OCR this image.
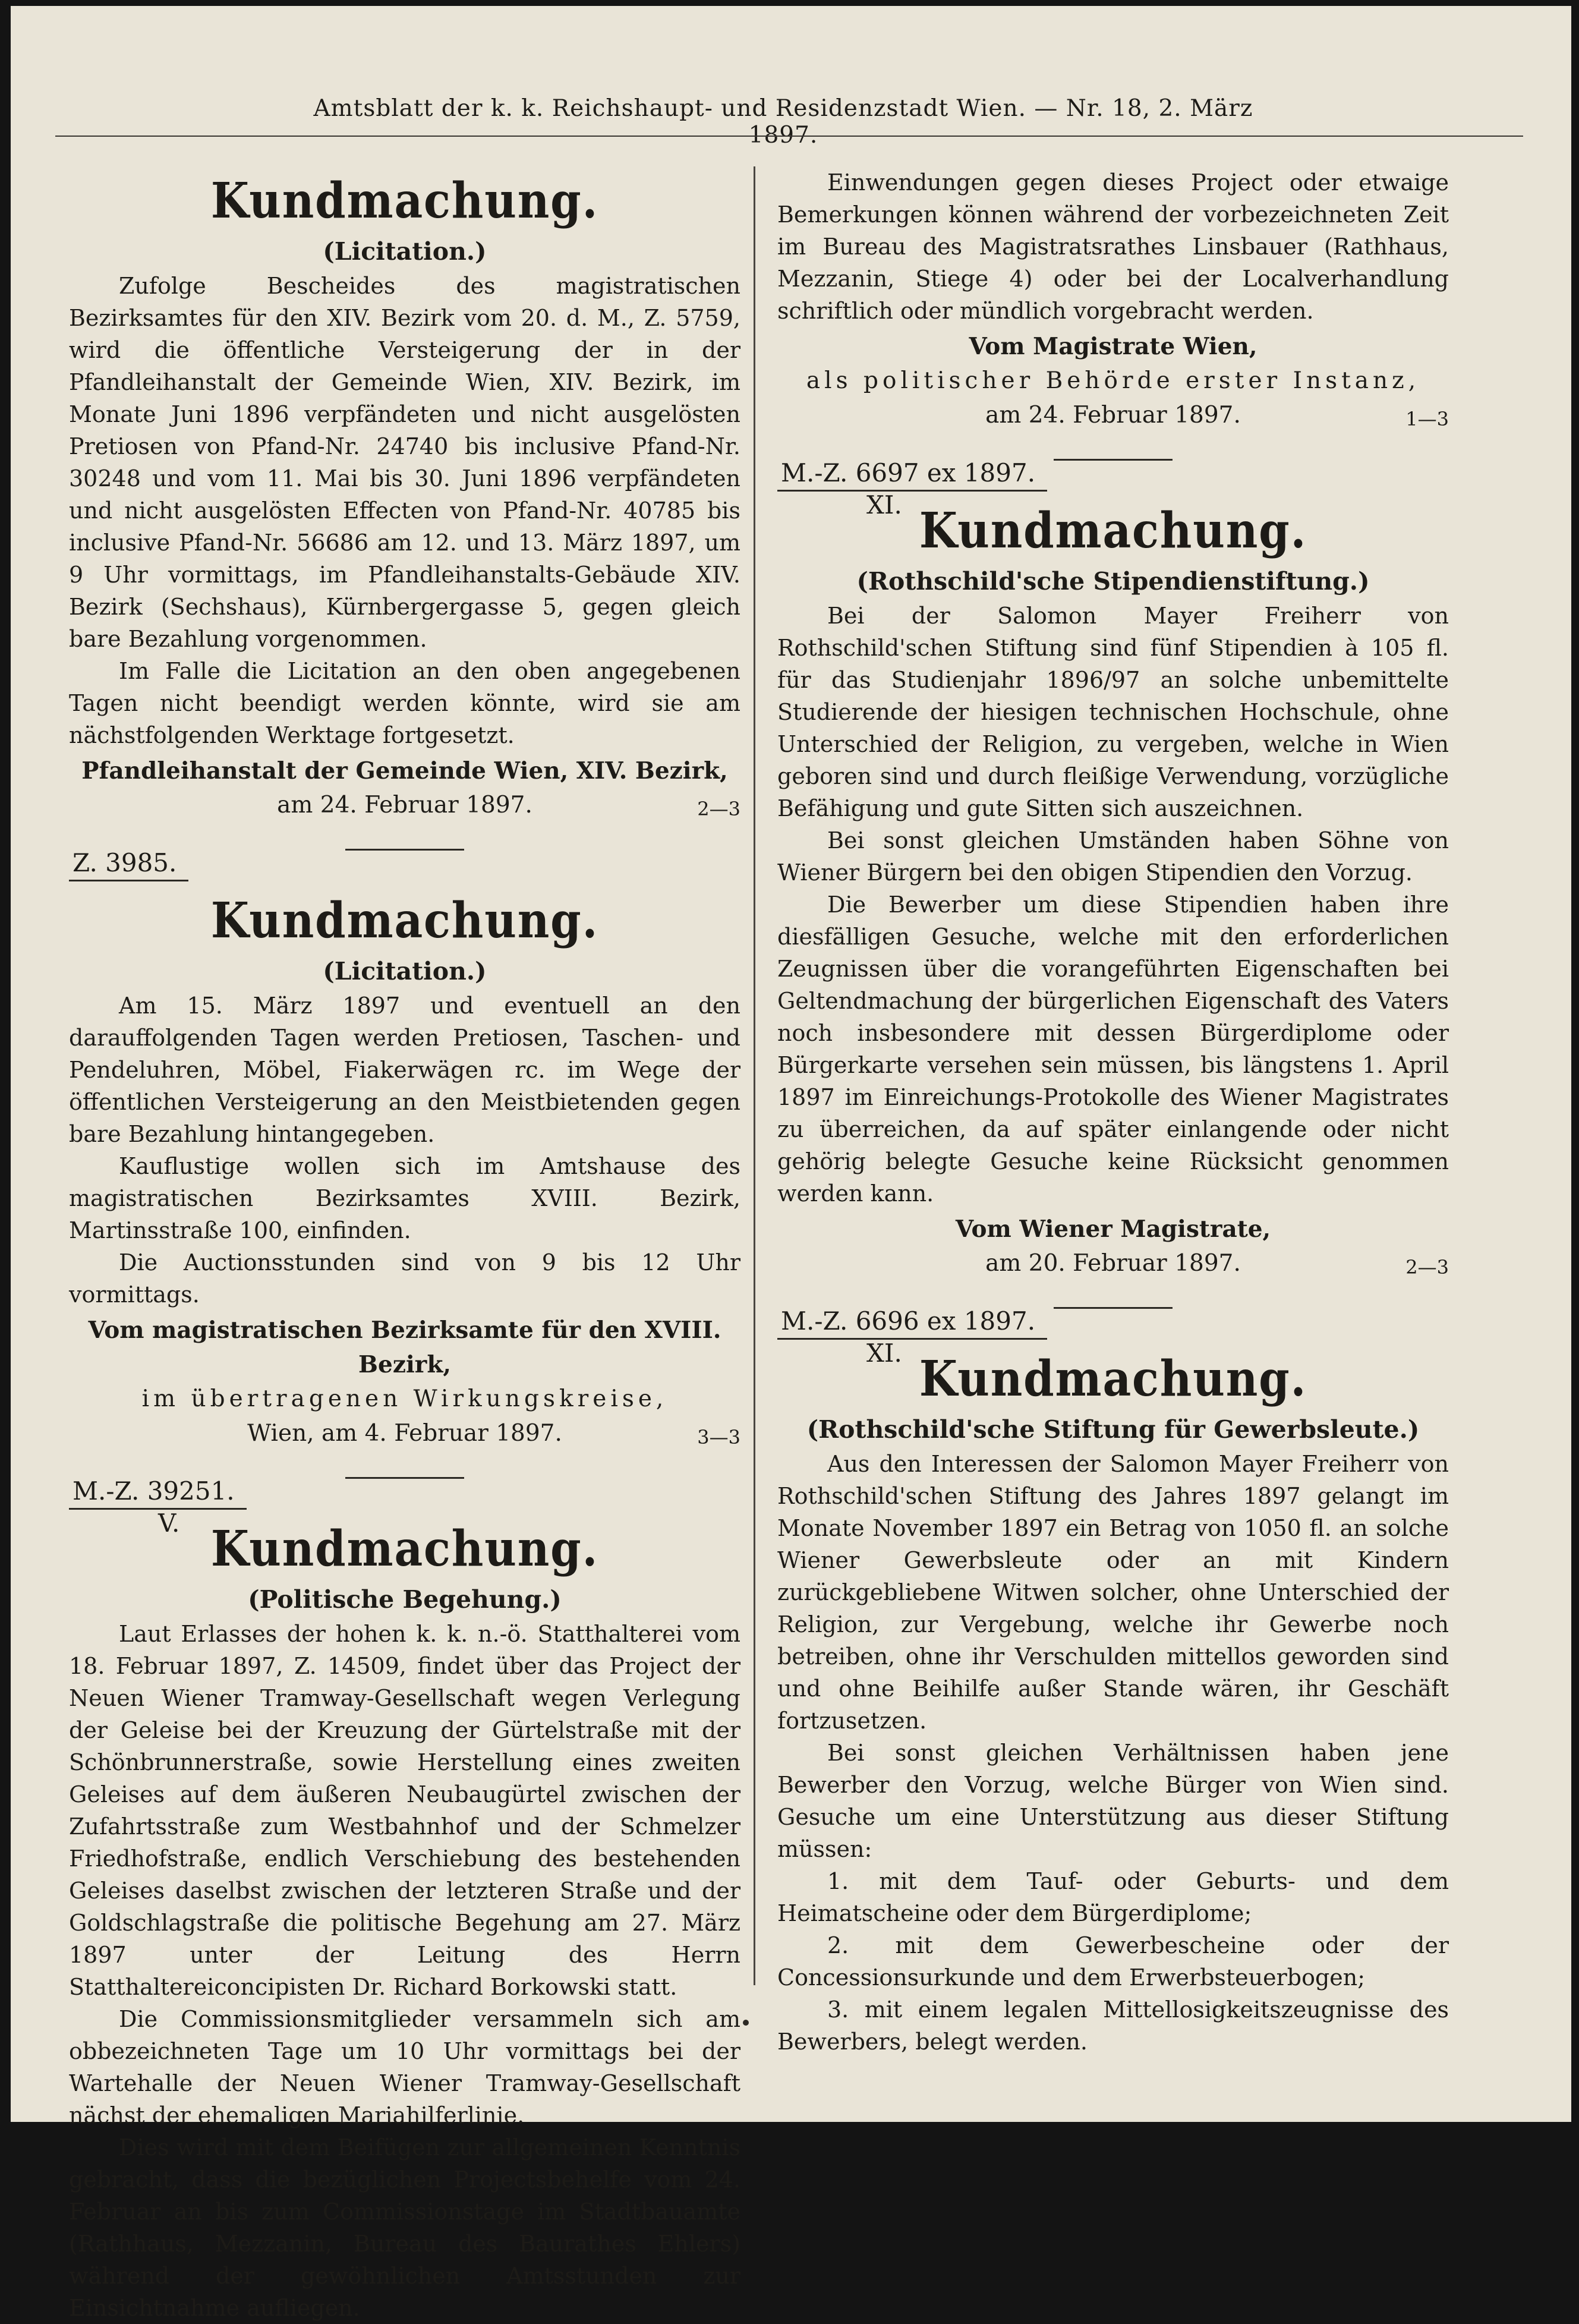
Amtsblatt der k. k. Reichshaupt- und Residenzstadt Wien. — Nr. 18, 2. März 1897.
Kundmachung.
(Licitation.)

Zufolge Bescheides des magistratischen Bezirksamtes für den XIV. Bezirk vom 20. d. M., Z. 5759, wird die öffentliche Versteigerung der in der Pfandleihanstalt der Gemeinde Wien, XIV. Bezirk, im Monate Juni 1896 verpfändeten und nicht ausgelösten Pretiosen von Pfand-Nr. 24740 bis inclusive Pfand-Nr. 30248 und vom 11. Mai bis 30. Juni 1896 verpfändeten und nicht ausgelösten Effecten von Pfand-Nr. 40785 bis inclusive Pfand-Nr. 56686 am 12. und 13. März 1897, um 9 Uhr vormittags, im Pfandleihanstalts-Gebäude XIV. Bezirk (Sechshaus), Kürnbergergasse 5, gegen gleich bare Bezahlung vorgenommen.

Im Falle die Licitation an den oben angegebenen Tagen nicht beendigt werden könnte, wird sie am nächstfolgenden Werktage fortgesetzt.

Pfandleihanstalt der Gemeinde Wien, XIV. Bezirk,
am 24. Februar 1897.	2—3
Z. 3985.
Kundmachung.
(Licitation.)

Am 15. März 1897 und eventuell an den darauffolgenden Tagen werden Pretiosen, Taschen- und Pendeluhren, Möbel, Fiakerwägen rc. im Wege der öffentlichen Versteigerung an den Meistbietenden gegen bare Bezahlung hintangegeben.

Kauflustige wollen sich im Amtshause des magistratischen Bezirksamtes XVIII. Bezirk, Martinsstraße 100, einfinden.

Die Auctionsstunden sind von 9 bis 12 Uhr vormittags.

Vom magistratischen Bezirksamte für den XVIII. Bezirk,
im übertragenen Wirkungskreise,
Wien, am 4. Februar 1897.	3—3
M.-Z. 39251.
V. Kundmachung.
(Politische Begehung.)

Laut Erlasses der hohen k. k. n.-ö. Statthalterei vom 18. Februar 1897, Z. 14509, findet über das Project der Neuen Wiener Tramway-Gesellschaft wegen Verlegung der Geleise bei der Kreuzung der Gürtelstraße mit der Schönbrunnerstraße, sowie Herstellung eines zweiten Geleises auf dem äußeren Neubaugürtel zwischen der Zufahrtsstraße zum Westbahnhof und der Schmelzer Friedhofstraße, endlich Verschiebung des bestehenden Geleises daselbst zwischen der letzteren Straße und der Goldschlagstraße die politische Begehung am 27. März 1897 unter der Leitung des Herrn Statthaltereiconcipisten Dr. Richard Borkowski statt.

Die Commissionsmitglieder versammeln sich am obbezeichneten Tage um 10 Uhr vormittags bei der Wartehalle der Neuen Wiener Tramway-Gesellschaft nächst der ehemaligen Mariahilferlinie.

Dies wird mit dem Beifügen zur allgemeinen Kenntnis gebracht, dass die bezüglichen Projectsbehelfe vom 24. Februar an bis zum Commissionstage im Stadtbauamte (Rathhaus, Mezzanin, Bureau des Baurathes Ehlers) während der gewöhnlichen Amtsstunden zur Einsichtnahme aufliegen.

Einwendungen gegen dieses Project oder etwaige Bemerkungen können während der vorbezeichneten Zeit im Bureau des Magistratsrathes Linsbauer (Rathhaus, Mezzanin, Stiege 4) oder bei der Localverhandlung schriftlich oder mündlich vorgebracht werden.

Vom Magistrate Wien,
als politischer Behörde erster Instanz,
am 24. Februar 1897.	1—3
M.-Z. 6697 ex 1897.
XI. Kundmachung.
(Rothschild'sche Stipendienstiftung.)

Bei der Salomon Mayer Freiherr von Rothschild'schen Stiftung sind fünf Stipendien à 105 fl. für das Studienjahr 1896/97 an solche unbemittelte Studierende der hiesigen technischen Hochschule, ohne Unterschied der Religion, zu vergeben, welche in Wien geboren sind und durch fleißige Verwendung, vorzügliche Befähigung und gute Sitten sich auszeichnen.

Bei sonst gleichen Umständen haben Söhne von Wiener Bürgern bei den obigen Stipendien den Vorzug.

Die Bewerber um diese Stipendien haben ihre diesfälligen Gesuche, welche mit den erforderlichen Zeugnissen über die vorangeführten Eigenschaften bei Geltendmachung der bürgerlichen Eigenschaft des Vaters noch insbesondere mit dessen Bürgerdiplome oder Bürgerkarte versehen sein müssen, bis längstens 1. April 1897 im Einreichungs-Protokolle des Wiener Magistrates zu überreichen, da auf später einlangende oder nicht gehörig belegte Gesuche keine Rücksicht genommen werden kann.

Vom Wiener Magistrate,
am 20. Februar 1897.	2—3
M.-Z. 6696 ex 1897.
XI. Kundmachung.
(Rothschild'sche Stiftung für Gewerbsleute.)

Aus den Interessen der Salomon Mayer Freiherr von Rothschild'schen Stiftung des Jahres 1897 gelangt im Monate November 1897 ein Betrag von 1050 fl. an solche Wiener Gewerbsleute oder an mit Kindern zurückgebliebene Witwen solcher, ohne Unterschied der Religion, zur Vergebung, welche ihr Gewerbe noch betreiben, ohne ihr Verschulden mittellos geworden sind und ohne Beihilfe außer Stande wären, ihr Geschäft fortzusetzen.

Bei sonst gleichen Verhältnissen haben jene Bewerber den Vorzug, welche Bürger von Wien sind. Gesuche um eine Unterstützung aus dieser Stiftung müssen:

1. mit dem Tauf- oder Geburts- und dem Heimatscheine oder dem Bürgerdiplome;

2. mit dem Gewerbescheine oder der Concessionsurkunde und dem Erwerbsteuerbogen;

3. mit einem legalen Mittellosigkeitszeugnisse des Bewerbers, belegt werden.
